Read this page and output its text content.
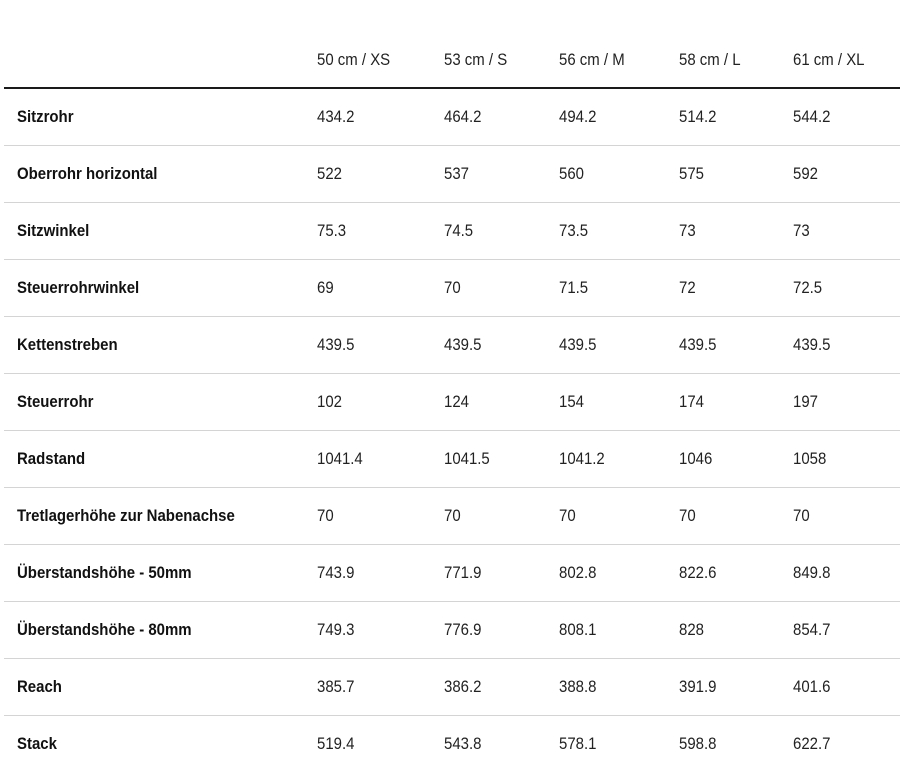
	50 cm / XS	53 cm / S	56 cm / M	58 cm / L	61 cm / XL
Sitzrohr	434.2	464.2	494.2	514.2	544.2
Oberrohr horizontal	522	537	560	575	592
Sitzwinkel	75.3	74.5	73.5	73	73
Steuerrohrwinkel	69	70	71.5	72	72.5
Kettenstreben	439.5	439.5	439.5	439.5	439.5
Steuerrohr	102	124	154	174	197
Radstand	1041.4	1041.5	1041.2	1046	1058
Tretlagerhöhe zur Nabenachse	70	70	70	70	70
Überstandshöhe - 50mm	743.9	771.9	802.8	822.6	849.8
Überstandshöhe - 80mm	749.3	776.9	808.1	828	854.7
Reach	385.7	386.2	388.8	391.9	401.6
Stack	519.4	543.8	578.1	598.8	622.7
